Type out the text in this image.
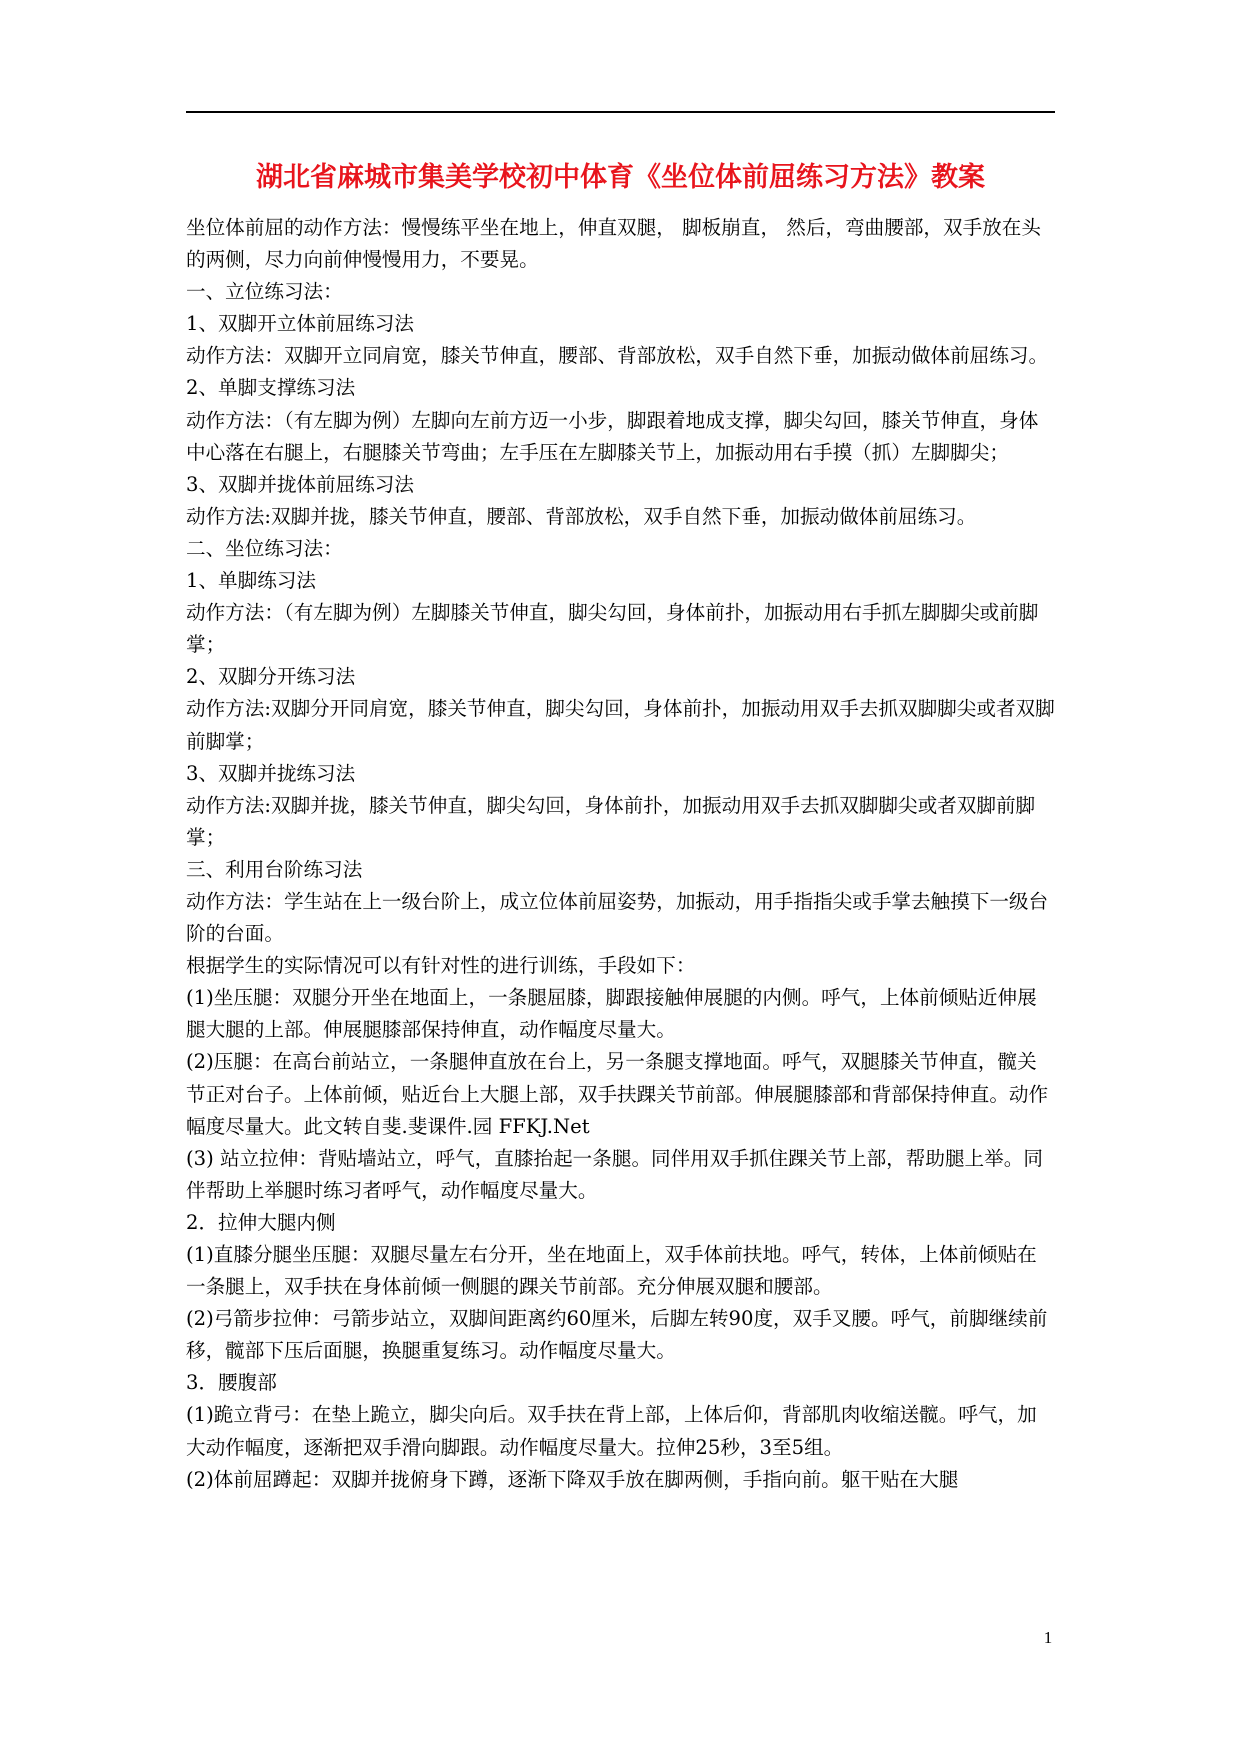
湖北省麻城市集美学校初中体育《坐位体前屈练习方法》教案

坐位体前屈的动作方法：慢慢练平坐在地上，伸直双腿， 脚板崩直， 然后，弯曲腰部，双手放在头的两侧，尽力向前伸慢慢用力，不要晃。

一、立位练习法：

1、双脚开立体前屈练习法

动作方法：双脚开立同肩宽，膝关节伸直，腰部、背部放松，双手自然下垂，加振动做体前屈练习。

2、单脚支撑练习法

动作方法：（有左脚为例）左脚向左前方迈一小步，脚跟着地成支撑，脚尖勾回，膝关节伸直，身体中心落在右腿上，右腿膝关节弯曲；左手压在左脚膝关节上，加振动用右手摸（抓）左脚脚尖；

3、双脚并拢体前屈练习法

动作方法:双脚并拢，膝关节伸直，腰部、背部放松，双手自然下垂，加振动做体前屈练习。

二、坐位练习法：

1、单脚练习法

动作方法：（有左脚为例）左脚膝关节伸直，脚尖勾回，身体前扑，加振动用右手抓左脚脚尖或前脚掌；

2、双脚分开练习法

动作方法:双脚分开同肩宽，膝关节伸直，脚尖勾回，身体前扑，加振动用双手去抓双脚脚尖或者双脚前脚掌；

3、双脚并拢练习法

动作方法:双脚并拢，膝关节伸直，脚尖勾回，身体前扑，加振动用双手去抓双脚脚尖或者双脚前脚掌；

三、利用台阶练习法

动作方法：学生站在上一级台阶上，成立位体前屈姿势，加振动，用手指指尖或手掌去触摸下一级台阶的台面。

根据学生的实际情况可以有针对性的进行训练，手段如下：

(1)坐压腿：双腿分开坐在地面上，一条腿屈膝，脚跟接触伸展腿的内侧。呼气，上体前倾贴近伸展腿大腿的上部。伸展腿膝部保持伸直，动作幅度尽量大。

(2)压腿：在高台前站立，一条腿伸直放在台上，另一条腿支撑地面。呼气，双腿膝关节伸直，髋关节正对台子。上体前倾，贴近台上大腿上部，双手扶踝关节前部。伸展腿膝部和背部保持伸直。动作幅度尽量大。此文转自斐.斐课件.园 FFKJ.Net

(3) 站立拉伸：背贴墙站立，呼气，直膝抬起一条腿。同伴用双手抓住踝关节上部，帮助腿上举。同伴帮助上举腿时练习者呼气，动作幅度尽量大。

2．拉伸大腿内侧

(1)直膝分腿坐压腿：双腿尽量左右分开，坐在地面上，双手体前扶地。呼气，转体，上体前倾贴在一条腿上，双手扶在身体前倾一侧腿的踝关节前部。充分伸展双腿和腰部。

(2)弓箭步拉伸：弓箭步站立，双脚间距离约60厘米，后脚左转90度，双手叉腰。呼气，前脚继续前移，髋部下压后面腿，换腿重复练习。动作幅度尽量大。

3．腰腹部

(1)跪立背弓：在垫上跪立，脚尖向后。双手扶在背上部，上体后仰，背部肌肉收缩送髋。呼气，加大动作幅度，逐渐把双手滑向脚跟。动作幅度尽量大。拉伸25秒，3至5组。

(2)体前屈蹲起：双脚并拢俯身下蹲，逐渐下降双手放在脚两侧，手指向前。躯干贴在大腿

1
